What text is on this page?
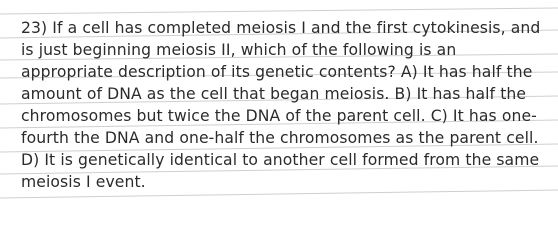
23) If a cell has completed meiosis I and the first cytokinesis, and is just beginning meiosis II, which of the following is an appropriate description of its genetic contents? A) It has half the amount of DNA as the cell that began meiosis. B) It has half the chromosomes but twice the DNA of the parent cell. C) It has one-fourth the DNA and one-half the chromosomes as the parent cell. D) It is genetically identical to another cell formed from the same meiosis I event.
